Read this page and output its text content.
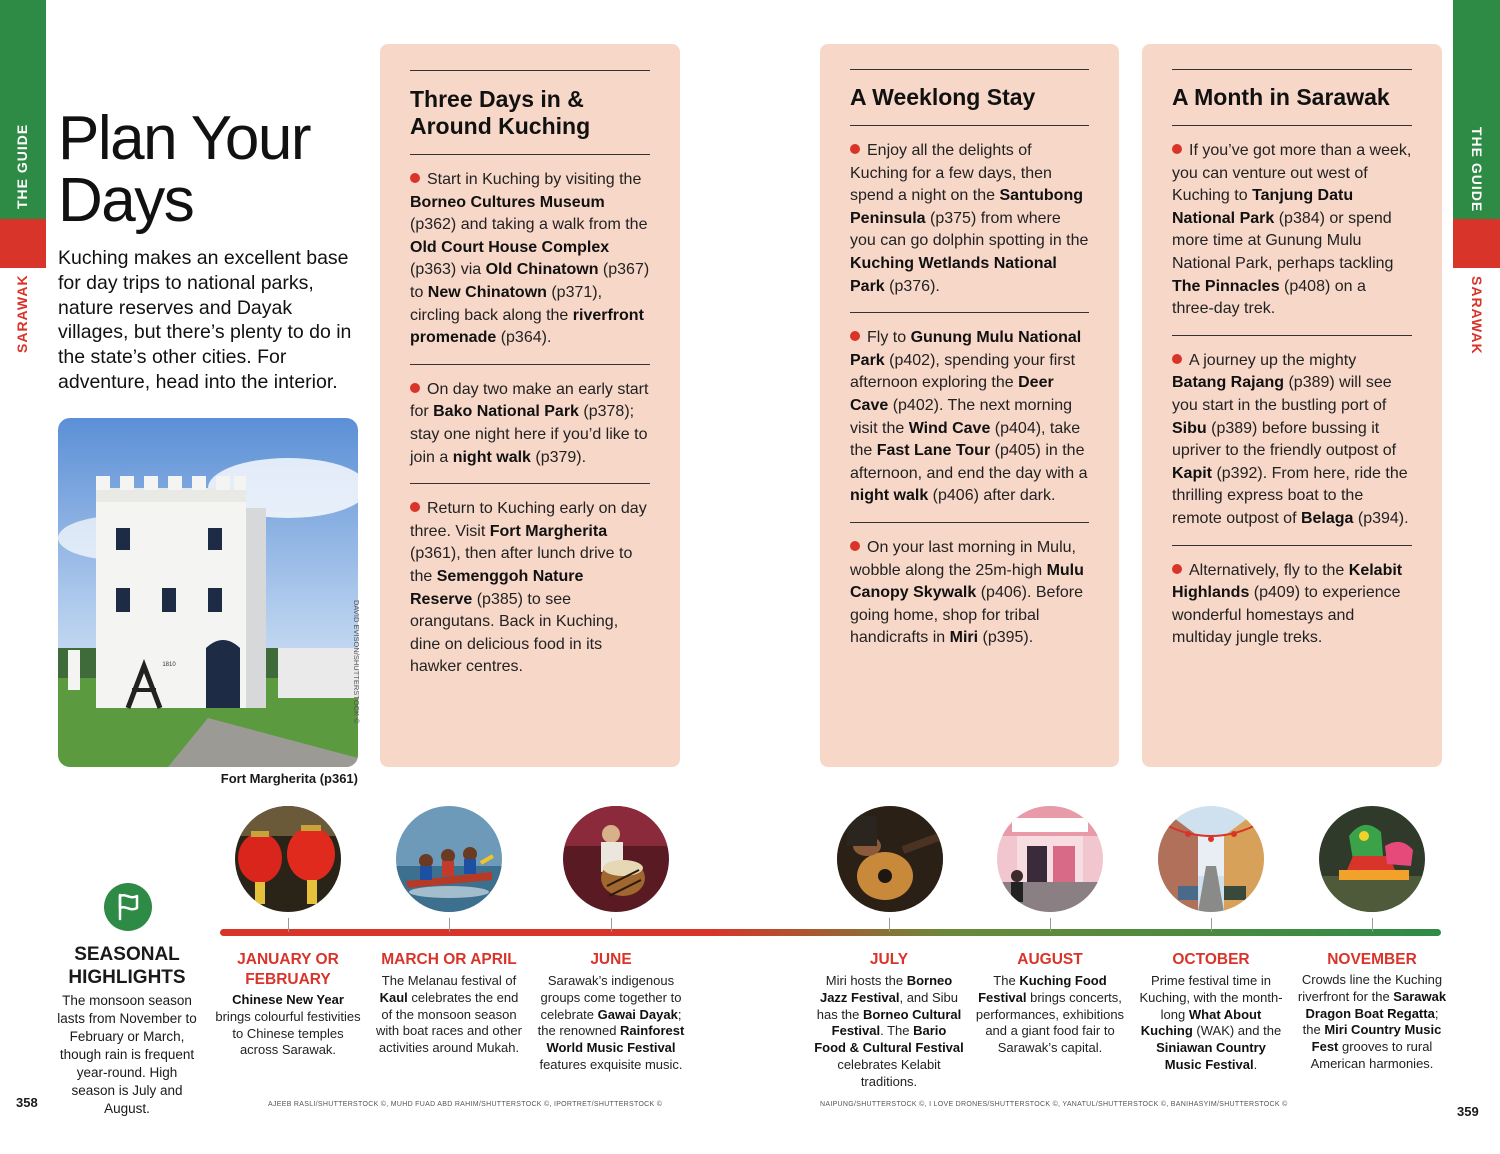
THE GUIDE
SARAWAK
THE GUIDE
SARAWAK
Plan Your Days
Kuching makes an excellent base for day trips to national parks, nature reserves and Dayak villages, but there’s plenty to do in the state’s other cities. For adventure, head into the interior.
1810
Fort Margherita (p361)
DAVID EVISON/SHUTTERSTOCK ©
Three Days in & Around Kuching
Start in Kuching by visiting the Borneo Cultures Museum (p362) and taking a walk from the Old Court House Complex (p363) via Old Chinatown (p367) to New Chinatown (p371), circling back along the riverfront promenade (p364).
On day two make an early start for Bako National Park (p378); stay one night here if you’d like to join a night walk (p379).
Return to Kuching early on day three. Visit Fort Margherita (p361), then after lunch drive to the Semenggoh Nature Reserve (p385) to see orangutans. Back in Kuching, dine on delicious food in its hawker centres.
A Weeklong Stay
Enjoy all the delights of Kuching for a few days, then spend a night on the Santubong Peninsula (p375) from where you can go dolphin spotting in the Kuching Wetlands National Park (p376).
Fly to Gunung Mulu National Park (p402), spending your first afternoon exploring the Deer Cave (p402). The next morning visit the Wind Cave (p404), take the Fast Lane Tour (p405) in the afternoon, and end the day with a night walk (p406) after dark.
On your last morning in Mulu, wobble along the 25m-high Mulu Canopy Skywalk (p406). Before going home, shop for tribal handicrafts in Miri (p395).
A Month in Sarawak
If you’ve got more than a week, you can venture out west of Kuching to Tanjung Datu National Park (p384) or spend more time at Gunung Mulu National Park, perhaps tackling The Pinnacles (p408) on a three-day trek.
A journey up the mighty Batang Rajang (p389) will see you start in the bustling port of Sibu (p389) before bussing it upriver to the friendly outpost of Kapit (p392). From here, ride the thrilling express boat to the remote outpost of Belaga (p394).
Alternatively, fly to the Kelabit Highlands (p409) to experience wonderful homestays and multiday jungle treks.
SEASONAL HIGHLIGHTS
The monsoon season lasts from November to February or March, though rain is frequent year-round. High season is July and August.
JANUARY OR FEBRUARY
Chinese New Year brings colourful festivities to Chinese temples across Sarawak.
MARCH OR APRIL
The Melanau festival of Kaul celebrates the end of the monsoon season with boat races and other activities around Mukah.
JUNE
Sarawak’s indigenous groups come together to celebrate Gawai Dayak; the renowned Rainforest World Music Festival features exquisite music.
JULY
Miri hosts the Borneo Jazz Festival, and Sibu has the Borneo Cultural Festival. The Bario Food & Cultural Festival celebrates Kelabit traditions.
AUGUST
The Kuching Food Festival brings concerts, performances, exhibitions and a giant food fair to Sarawak’s capital.
OCTOBER
Prime festival time in Kuching, with the month-long What About Kuching (WAK) and the Siniawan Country Music Festival.
NOVEMBER
Crowds line the Kuching riverfront for the Sarawak Dragon Boat Regatta; the Miri Country Music Fest grooves to rural American harmonies.
358
359
AJEEB RASLI/SHUTTERSTOCK ©, MUHD FUAD ABD RAHIM/SHUTTERSTOCK ©, IPORTRET/SHUTTERSTOCK ©	NAIPUNG/SHUTTERSTOCK ©, I LOVE DRONES/SHUTTERSTOCK ©, YANATUL/SHUTTERSTOCK ©, BANIHASYIM/SHUTTERSTOCK ©
